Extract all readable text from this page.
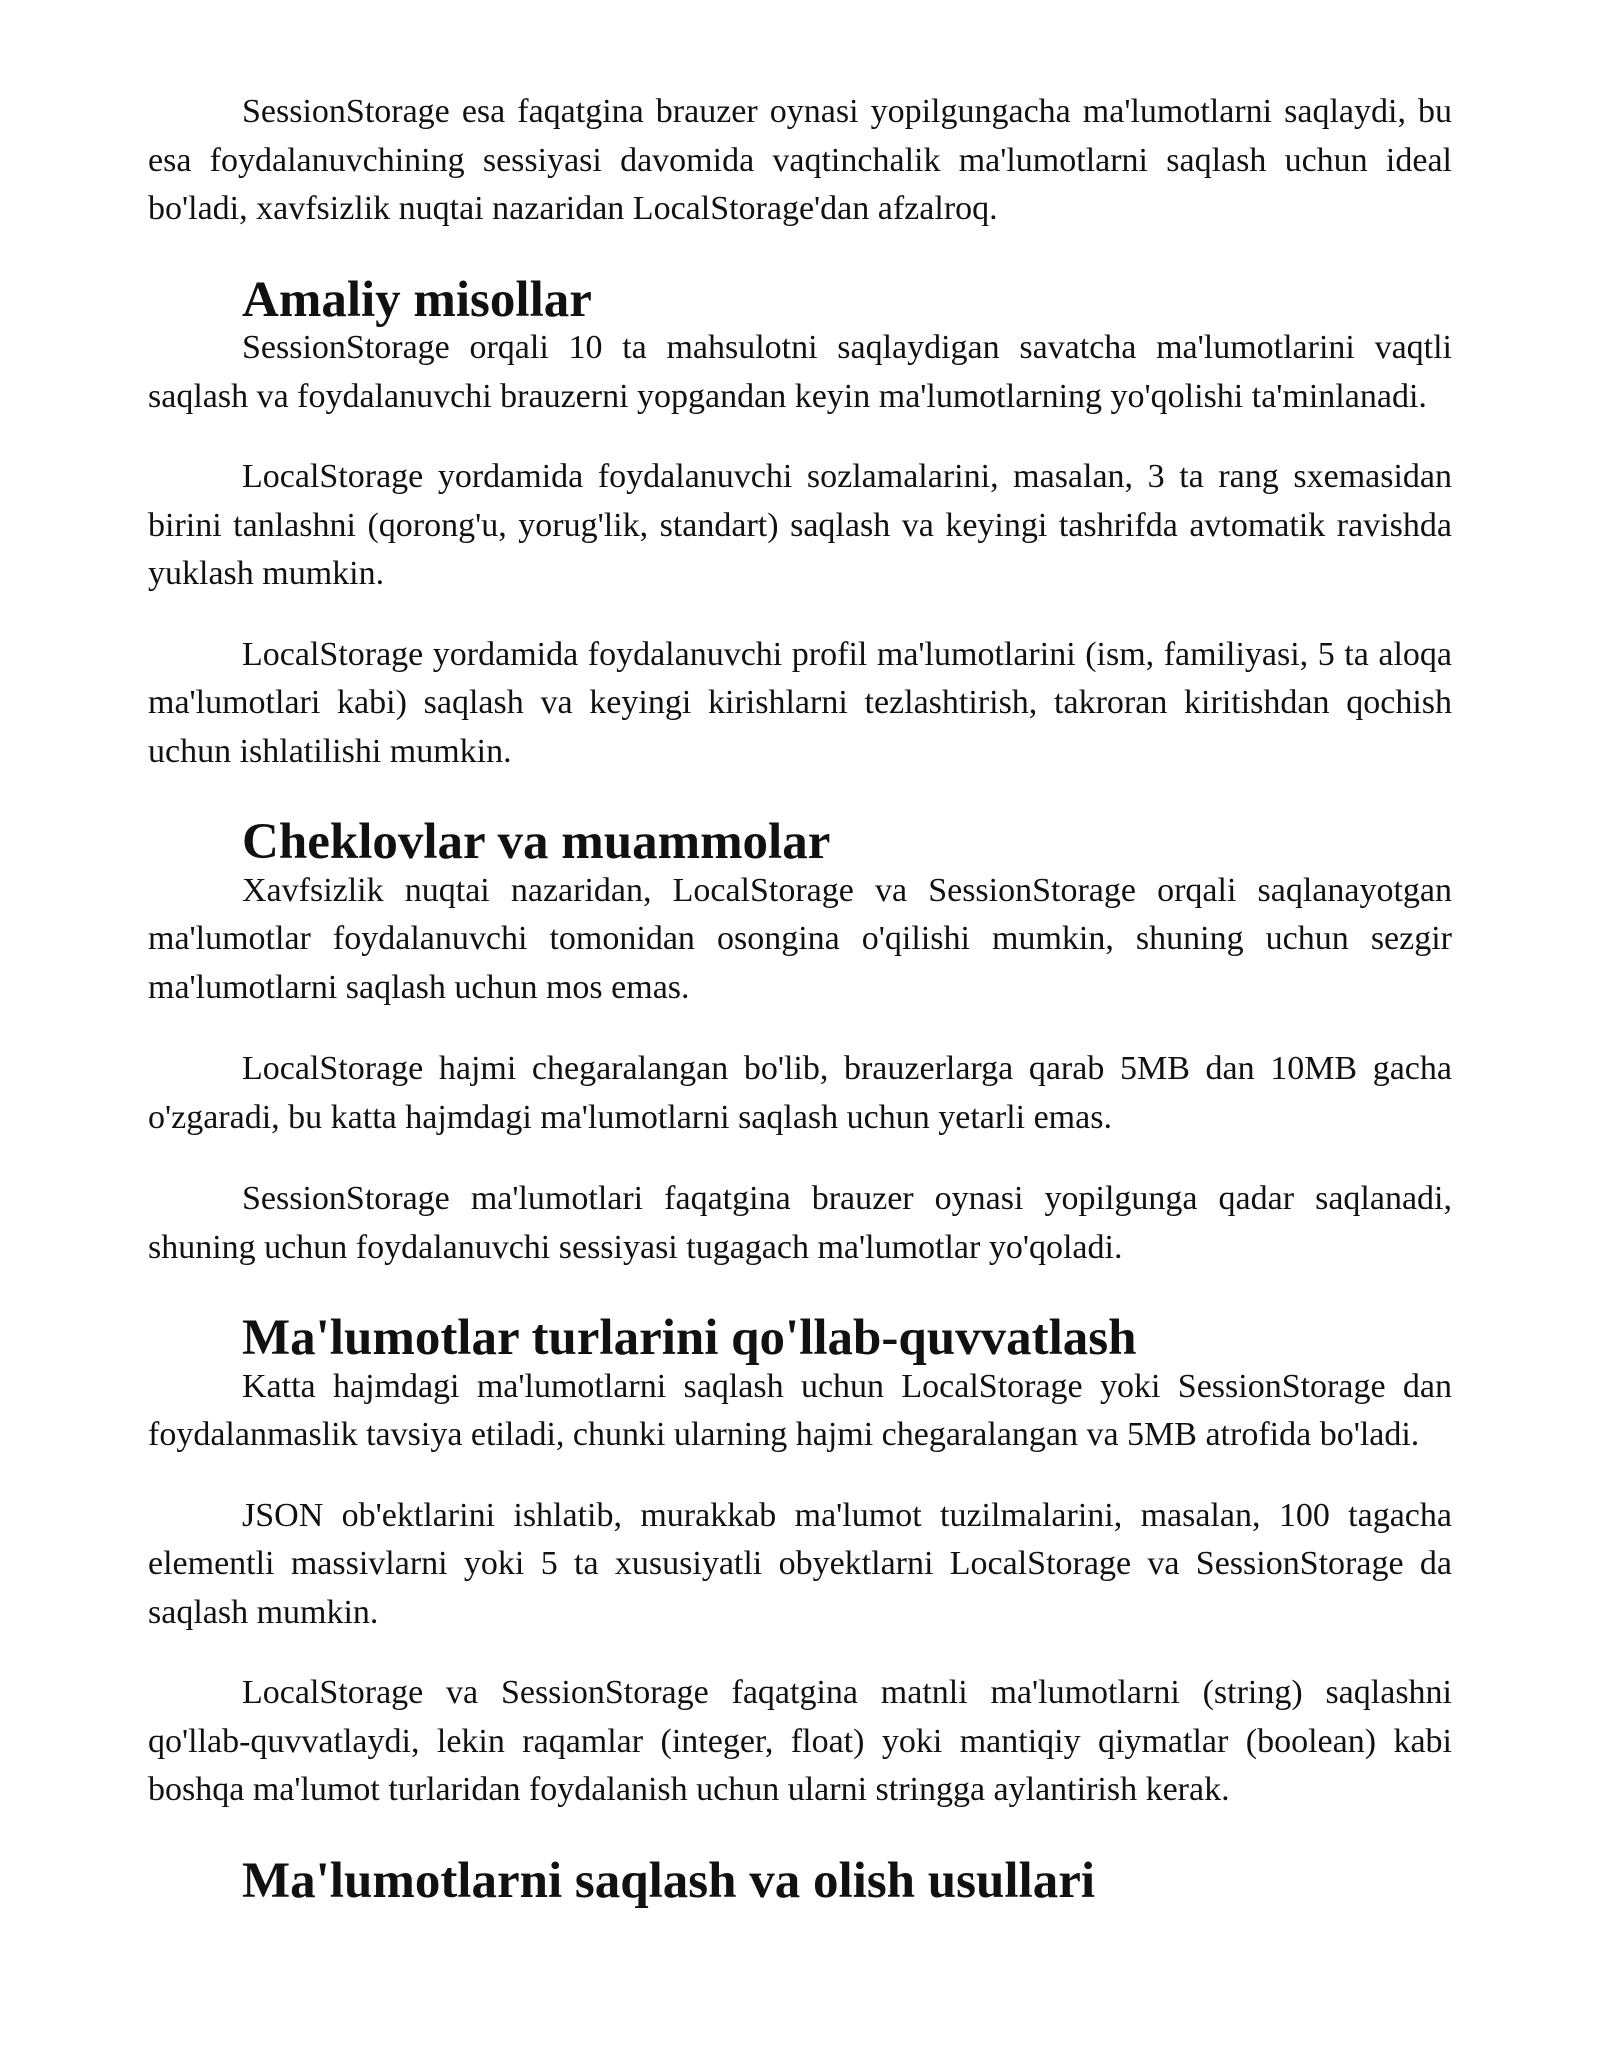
SessionStorage esa faqatgina brauzer oynasi yopilgungacha ma'lumotlarni saqlaydi, bu esa foydalanuvchining sessiyasi davomida vaqtinchalik ma'lumotlarni saqlash uchun ideal bo'ladi, xavfsizlik nuqtai nazaridan LocalStorage'dan afzalroq.

Amaliy misollar

SessionStorage orqali 10 ta mahsulotni saqlaydigan savatcha ma'lumotlarini vaqtli saqlash va foydalanuvchi brauzerni yopgandan keyin ma'lumotlarning yo'qolishi ta'minlanadi.

LocalStorage yordamida foydalanuvchi sozlamalarini, masalan, 3 ta rang sxemasidan birini tanlashni (qorong'u, yorug'lik, standart) saqlash va keyingi tashrifda avtomatik ravishda yuklash mumkin.

LocalStorage yordamida foydalanuvchi profil ma'lumotlarini (ism, familiyasi, 5 ta aloqa ma'lumotlari kabi) saqlash va keyingi kirishlarni tezlashtirish, takroran kiritishdan qochish uchun ishlatilishi mumkin.

Cheklovlar va muammolar

Xavfsizlik nuqtai nazaridan, LocalStorage va SessionStorage orqali saqlanayotgan ma'lumotlar foydalanuvchi tomonidan osongina o'qilishi mumkin, shuning uchun sezgir ma'lumotlarni saqlash uchun mos emas.

LocalStorage hajmi chegaralangan bo'lib, brauzerlarga qarab 5MB dan 10MB gacha o'zgaradi, bu katta hajmdagi ma'lumotlarni saqlash uchun yetarli emas.

SessionStorage ma'lumotlari faqatgina brauzer oynasi yopilgunga qadar saqlanadi, shuning uchun foydalanuvchi sessiyasi tugagach ma'lumotlar yo'qoladi.

Ma'lumotlar turlarini qo'llab-quvvatlash

Katta hajmdagi ma'lumotlarni saqlash uchun LocalStorage yoki SessionStorage dan foydalanmaslik tavsiya etiladi, chunki ularning hajmi chegaralangan va 5MB atrofida bo'ladi.

JSON ob'ektlarini ishlatib, murakkab ma'lumot tuzilmalarini, masalan, 100 tagacha elementli massivlarni yoki 5 ta xususiyatli obyektlarni LocalStorage va SessionStorage da saqlash mumkin.

LocalStorage va SessionStorage faqatgina matnli ma'lumotlarni (string) saqlashni qo'llab-quvvatlaydi, lekin raqamlar (integer, float) yoki mantiqiy qiymatlar (boolean) kabi boshqa ma'lumot turlaridan foydalanish uchun ularni stringga aylantirish kerak.

Ma'lumotlarni saqlash va olish usullari
